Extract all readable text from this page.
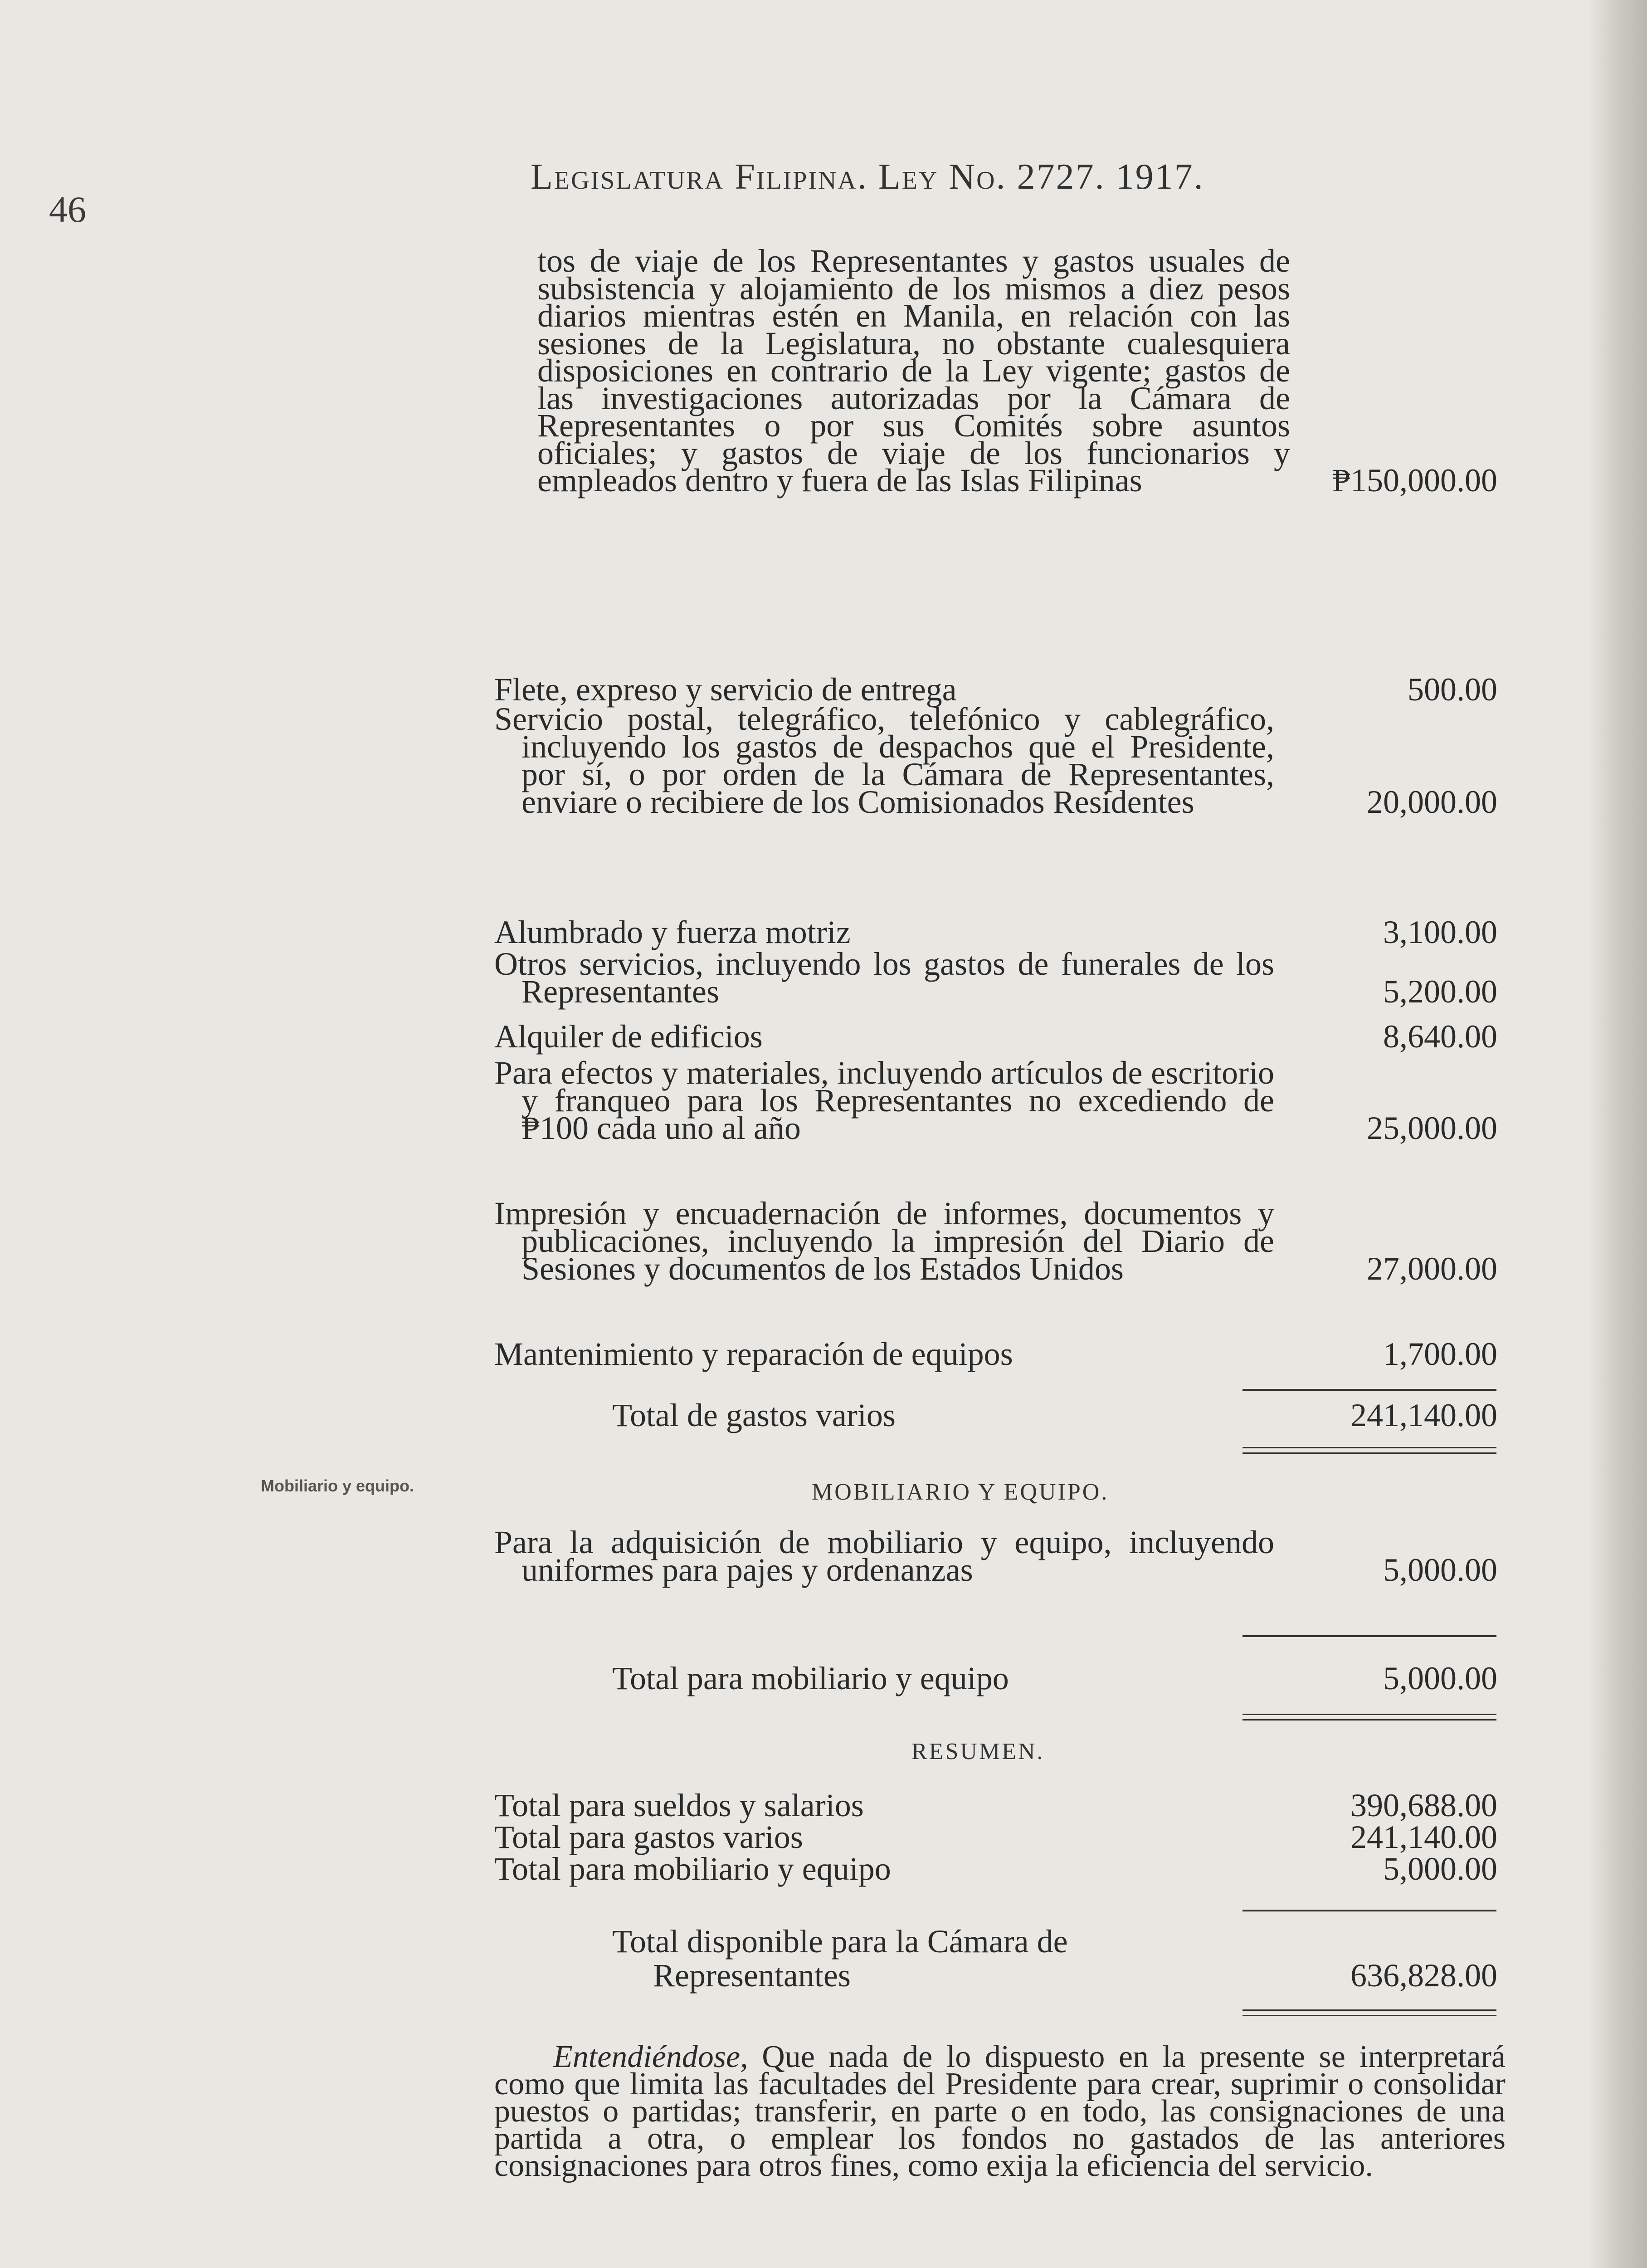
46
Legislatura Filipina. Ley No. 2727. 1917.
tos de viaje de los Representantes y gastos usuales de subsistencia y alojamiento de los mismos a diez pesos diarios mientras estén en Manila, en relación con las sesiones de la Legislatura, no obstante cualesquiera disposiciones en contrario de la Ley vigente; gastos de las investigaciones autorizadas por la Cámara de Representantes o por sus Comités sobre asuntos oficiales; y gastos de viaje de los funcionarios y empleados dentro y fuera de las Islas Filipinas	₱150,000.00
Flete, expreso y servicio de entrega	500.00
Servicio postal, telegráfico, telefónico y cablegráfico, incluyendo los gastos de despachos que el Presidente, por sí, o por orden de la Cámara de Representantes, enviare o recibiere de los Comisionados Residentes	20,000.00
Alumbrado y fuerza motriz	3,100.00
Otros servicios, incluyendo los gastos de funerales de los Representantes	5,200.00
Alquiler de edificios	8,640.00
Para efectos y materiales, incluyendo artículos de escritorio y franqueo para los Representantes no excediendo de ₱100 cada uno al año	25,000.00
Impresión y encuadernación de informes, documentos y publicaciones, incluyendo la impresión del Diario de Sesiones y documentos de los Estados Unidos	27,000.00
Mantenimiento y reparación de equipos	1,700.00
Total de gastos varios	241,140.00
Mobiliario y equipo.	MOBILIARIO Y EQUIPO.
Para la adquisición de mobiliario y equipo, incluyendo uniformes para pajes y ordenanzas	5,000.00
Total para mobiliario y equipo	5,000.00
RESUMEN.
Total para sueldos y salarios	390,688.00
Total para gastos varios	241,140.00
Total para mobiliario y equipo	5,000.00
Total disponible para la Cámara de
Representantes	636,828.00
Entendiéndose, Que nada de lo dispuesto en la presente se interpretará como que limita las facultades del Presidente para crear, suprimir o consolidar puestos o partidas; transferir, en parte o en todo, las consignaciones de una partida a otra, o emplear los fondos no gastados de las anteriores consignaciones para otros fines, como exija la eficiencia del servicio.
